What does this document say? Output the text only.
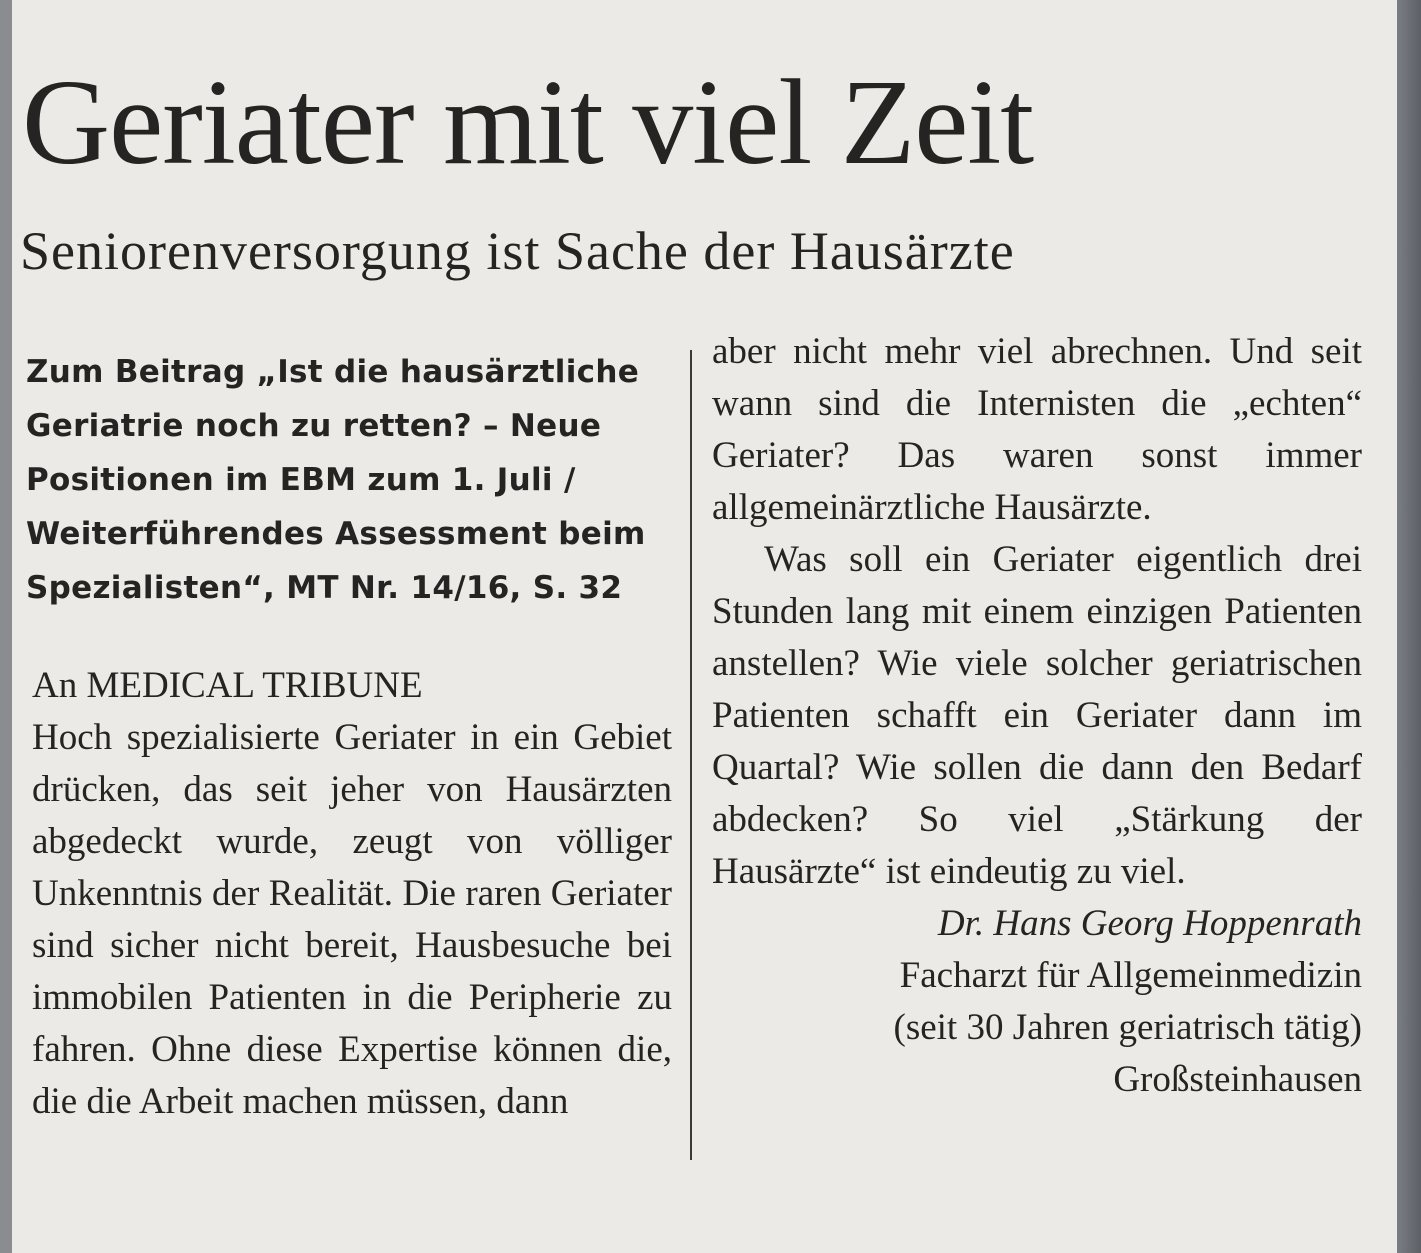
Geriater mit viel Zeit
Seniorenversorgung ist Sache der Hausärzte
Zum Beitrag „Ist die hausärztliche Geriatrie noch zu retten? – Neue Positionen im EBM zum 1. Juli / Weiterführendes Assessment beim Spezialisten“, MT Nr. 14/16, S. 32

An MEDICAL TRIBUNE

Hoch spezialisierte Geriater in ein Gebiet drücken, das seit jeher von Hausärzten abgedeckt wurde, zeugt von völliger Unkenntnis der Realität. Die raren Geriater sind sicher nicht bereit, Hausbesuche bei immobilen Patienten in die Peripherie zu fahren. Ohne diese Expertise können die, die die Arbeit machen müssen, dann

aber nicht mehr viel abrechnen. Und seit wann sind die Internisten die „echten“ Geriater? Das waren sonst immer allgemeinärztliche Hausärzte.

Was soll ein Geriater eigentlich drei Stunden lang mit einem einzigen Patienten anstellen? Wie viele solcher geriatrischen Patienten schafft ein Geriater dann im Quartal? Wie sollen die dann den Bedarf abdecken? So viel „Stärkung der Hausärzte“ ist eindeutig zu viel.

Dr. Hans Georg Hoppenrath

Facharzt für Allgemeinmedizin

(seit 30 Jahren geriatrisch tätig)

Großsteinhausen
